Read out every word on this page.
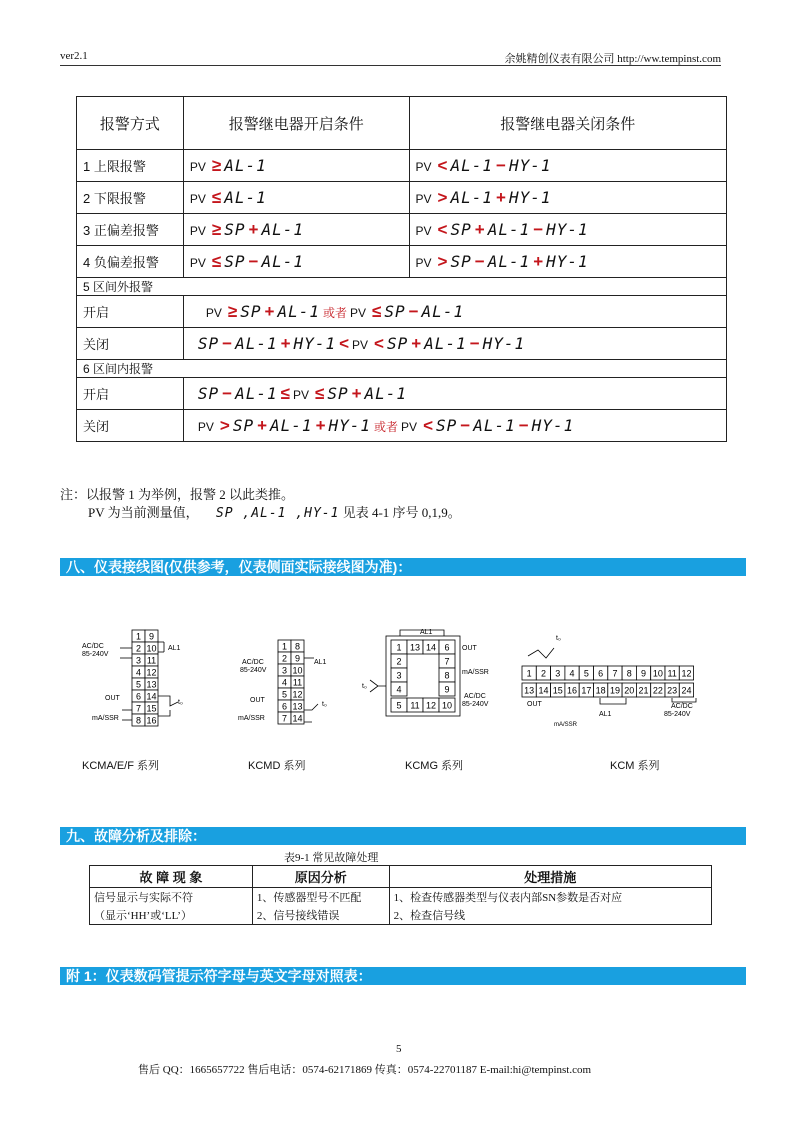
ver2.1	余姚精创仪表有限公司 http://ww.tempinst.com
报警方式	报警继电器开启条件	报警继电器关闭条件
1 上限报警	PV ≥ AL-1	PV < AL-1 − HY-1
2 下限报警	PV ≤ AL-1	PV > AL-1 + HY-1
3 正偏差报警	PV ≥ SP + AL-1	PV < SP + AL-1 − HY-1
4 负偏差报警	PV ≤ SP − AL-1	PV > SP − AL-1 + HY-1
5 区间外报警		
开启	PV ≥ SP + AL-1 或者 PV ≤ SP − AL-1	
关闭	SP − AL-1 + HY-1 < PV < SP + AL-1 − HY-1	
6 区间内报警		
开启	SP − AL-1 ≤ PV ≤ SP + AL-1	
关闭	PV > SP + AL-1 + HY-1 或者 PV < SP − AL-1 − HY-1	
注：以报警 1 为举例，报警 2 以此类推。
PV 为当前测量值， SP ,AL-1 ,HY-1 见表 4-1 序号 0,1,9。
八、仪表接线图(仅供参考，仪表侧面实际接线图为准)：
1
2
3
4
5
6
7
8
9
10
11
12
13
14
15
16
AC/DC
85-240V
AL1
OUT
mA/SSR
t₀
1
2
3
4
5
6
7
8
9
10
11
12
13
14
AC/DC
85-240V
AL1
OUT
mA/SSR
t₀
1 13 14 6
2	7
3	8
4	9
5 11 12 10
AL1
OUT
mA/SSR
AC/DC
85-240V
t₀
1 2 3 4 5 6 7 8 9 10 11 12
13 14 15 16 17 18 19 20 21 22 23 24
t₀
OUT
AL1
AC/DC
85-240V
mA/SSR
KCMA/E/F 系列	KCMD 系列	KCMG 系列	KCM 系列
九、故障分析及排除：
表9-1 常见故障处理
故 障 现 象	原因分析	处理措施
信号显示与实际不符	1、传感器型号不匹配	1、检查传感器类型与仪表内部SN参数是否对应
（显示‘HH’或‘LL’）	2、信号接线错误	2、检查信号线
附 1：仪表数码管提示符字母与英文字母对照表：
5
售后 QQ：1665657722 售后电话：0574-62171869 传真：0574-22701187 E-mail:hi@tempinst.com
